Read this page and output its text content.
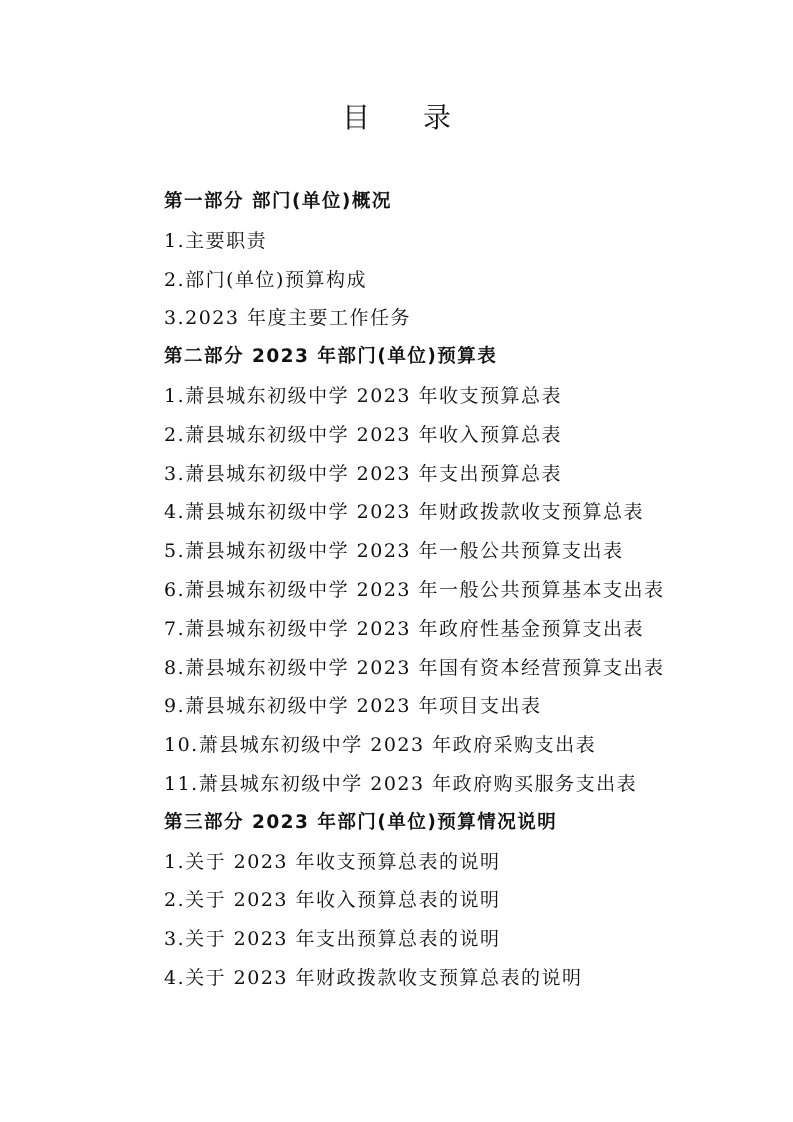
目 录
第一部分 部门(单位)概况
1.主要职责
2.部门(单位)预算构成
3.2023 年度主要工作任务
第二部分 2023 年部门(单位)预算表
1.萧县城东初级中学 2023 年收支预算总表
2.萧县城东初级中学 2023 年收入预算总表
3.萧县城东初级中学 2023 年支出预算总表
4.萧县城东初级中学 2023 年财政拨款收支预算总表
5.萧县城东初级中学 2023 年一般公共预算支出表
6.萧县城东初级中学 2023 年一般公共预算基本支出表
7.萧县城东初级中学 2023 年政府性基金预算支出表
8.萧县城东初级中学 2023 年国有资本经营预算支出表
9.萧县城东初级中学 2023 年项目支出表
10.萧县城东初级中学 2023 年政府采购支出表
11.萧县城东初级中学 2023 年政府购买服务支出表
第三部分 2023 年部门(单位)预算情况说明
1.关于 2023 年收支预算总表的说明
2.关于 2023 年收入预算总表的说明
3.关于 2023 年支出预算总表的说明
4.关于 2023 年财政拨款收支预算总表的说明
